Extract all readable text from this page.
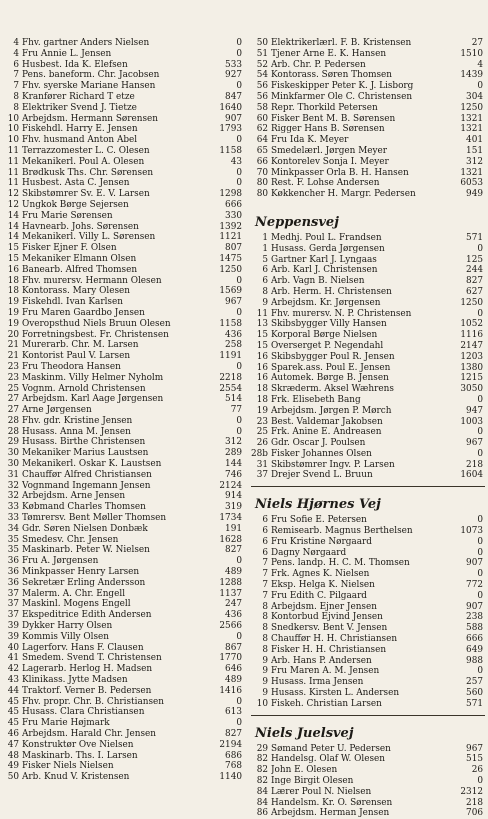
4 Fhv. gartner Anders Nielsen	0
4 Fru Annie L. Jensen	0
6 Husbest. Ida K. Elefsen	533
7 Pens. baneform. Chr. Jacobsen	927
7 Fhv. syerske Mariane Hansen	0
8 Kranfører Richard T etze	847
8 Elektriker Svend J. Tietze	1640
10 Arbejdsm. Hermann Sørensen	907
10 Fiskehdl. Harry E. Jensen	1793
10 Fhv. husmand Anton Abel	0
11 Terrazzomester L. C. Olesen	1158
11 Mekanikerl. Poul A. Olesen	43
11 Brødkusk Ths. Chr. Sørensen	0
11 Husbest. Asta C. Jensen	0
12 Skibstømrer Sv. E. V. Larsen	1298
12 Ungkok Børge Sejersen	666
14 Fru Marie Sørensen	330
14 Havnearb. Johs. Sørensen	1392
14 Mekanikerl. Villy L. Sørensen	1121
15 Fisker Ejner F. Olsen	807
15 Mekaniker Elmann Olsen	1475
16 Banearb. Alfred Thomsen	1250
18 Fhv. murersv. Hermann Olesen	0
18 Kontorass. Mary Olesen	1569
19 Fiskehdl. Ivan Karlsen	967
19 Fru Maren Gaardbo Jensen	0
19 Overopsthud Niels Bruun Olesen	1158
20 Forretningsbest. Fr. Christensen	436
21 Murerarb. Chr. M. Larsen	258
21 Kontorist Paul V. Larsen	1191
23 Fru Theodora Hansen	0
23 Maskinm. Villy Helmer Nyholm	2218
25 Vognm. Arnold Christensen	2554
27 Arbejdsm. Karl Aage Jørgensen	514
27 Arne Jørgensen	77
28 Fhv. gdr. Kristine Jensen	0
28 Husass. Anna M. Jensen	0
29 Husass. Birthe Christensen	312
30 Mekaniker Marius Laustsen	289
30 Mekanikerl. Oskar K. Laustsen	144
31 Chauffør Alfred Christiansen	746
32 Vognmand Ingemann Jensen	2124
32 Arbejdsm. Arne Jensen	914
33 Købmand Charles Thomsen	319
33 Tømrersv. Bent Møller Thomsen	1734
34 Gdr. Søren Nielsen Donbæk	191
35 Smedesv. Chr. Jensen	1628
35 Maskinarb. Peter W. Nielsen	827
36 Fru A. Jørgensen	0
36 Minkpasser Henry Larsen	489
36 Sekretær Erling Andersson	1288
37 Malerm. A. Chr. Engell	1137
37 Maskinl. Mogens Engell	247
37 Ekspeditrice Edith Andersen	436
39 Dykker Harry Olsen	2566
39 Kommis Villy Olsen	0
40 Lagerforv. Hans F. Clausen	867
41 Smedem. Svend T. Christensen	1770
42 Lagerarb. Herlog H. Madsen	646
43 Klinikass. Jytte Madsen	489
44 Traktorf. Verner B. Pedersen	1416
45 Fhv. propr. Chr. B. Christiansen	0
45 Husass. Clara Christiansen	613
45 Fru Marie Højmark	0
46 Arbejdsm. Harald Chr. Jensen	827
47 Konstruktør Ove Nielsen	2194
48 Maskinarb. Ths. I. Larsen	686
49 Fisker Niels Nielsen	768
50 Arb. Knud V. Kristensen	1140
50 Elektrikerlærl. F. B. Kristensen	27
51 Tjener Arne E. K. Hansen	1510
52 Arb. Chr. P. Pedersen	4
54 Kontorass. Søren Thomsen	1439
56 Fiskeskipper Peter K. J. Lisborg	0
56 Minkfarmer Ole C. Christensen	304
58 Repr. Thorkild Petersen	1250
60 Fisker Bent M. B. Sørensen	1321
62 Rigger Hans B. Sørensen	1321
64 Fru Ida K. Meyer	401
65 Smedelærl. Jørgen Meyer	151
66 Kontorelev Sonja I. Meyer	312
70 Minkpasser Orla B. H. Hansen	1321
80 Rest. F. Lohse Andersen	6053
80 Køkkencher H. Margr. Pedersen	949
Neppensvej
1 Medhj. Poul L. Frandsen	571
1 Husass. Gerda Jørgensen	0
5 Gartner Karl J. Lyngaas	125
6 Arb. Karl J. Christensen	244
6 Arb. Vagn B. Nielsen	827
8 Arb. Herm. H. Christensen	627
9 Arbejdsm. Kr. Jørgensen	1250
11 Fhv. murersv. N. P. Christensen	0
13 Skibsbygger Villy Hansen	1052
15 Korporal Børge Nielsen	1116
15 Overserget P. Negendahl	2147
16 Skibsbygger Poul R. Jensen	1203
16 Sparek.ass. Poul E. Jensen	1380
16 Automek. Børge B. Jensen	1215
18 Skræderm. Aksel Wæhrens	3050
18 Frk. Elisebeth Bang	0
19 Arbejdsm. Jørgen P. Mørch	947
23 Best. Valdemar Jakobsen	1003
25 Frk. Anine E. Andreasen	0
26 Gdr. Oscar J. Poulsen	967
28b Fisker Johannes Olsen	0
31 Skibstømrer Ingv. P. Larsen	218
37 Drejer Svend L. Bruun	1604
Niels Hjørnes Vej
6 Fru Sofie E. Petersen	0
6 Remisearb. Magnus Berthelsen	1073
6 Fru Kristine Nørgaard	0
6 Dagny Nørgaard	0
7 Pens. landp. H. C. M. Thomsen	907
7 Frk. Agnes K. Nielsen	0
7 Eksp. Helga K. Nielsen	772
7 Fru Edith C. Pilgaard	0
8 Arbejdsm. Ejner Jensen	907
8 Kontorbud Ejvind Jensen	238
8 Snedkersv. Bent V. Jensen	588
8 Chauffør H. H. Christiansen	666
8 Fisker H. H. Christiansen	649
9 Arb. Hans P. Andersen	988
9 Fru Maren A. M. Jensen	0
9 Husass. Irma Jensen	257
9 Husass. Kirsten L. Andersen	560
10 Fiskeh. Christian Larsen	571
Niels Juelsvej
29 Sømand Peter U. Pedersen	967
82 Handelsg. Olaf W. Olesen	515
82 John E. Olesen	26
82 Inge Birgit Olesen	0
84 Lærer Poul N. Nielsen	2312
84 Handelsm. Kr. O. Sørensen	218
86 Arbejdsm. Herman Jensen	706
